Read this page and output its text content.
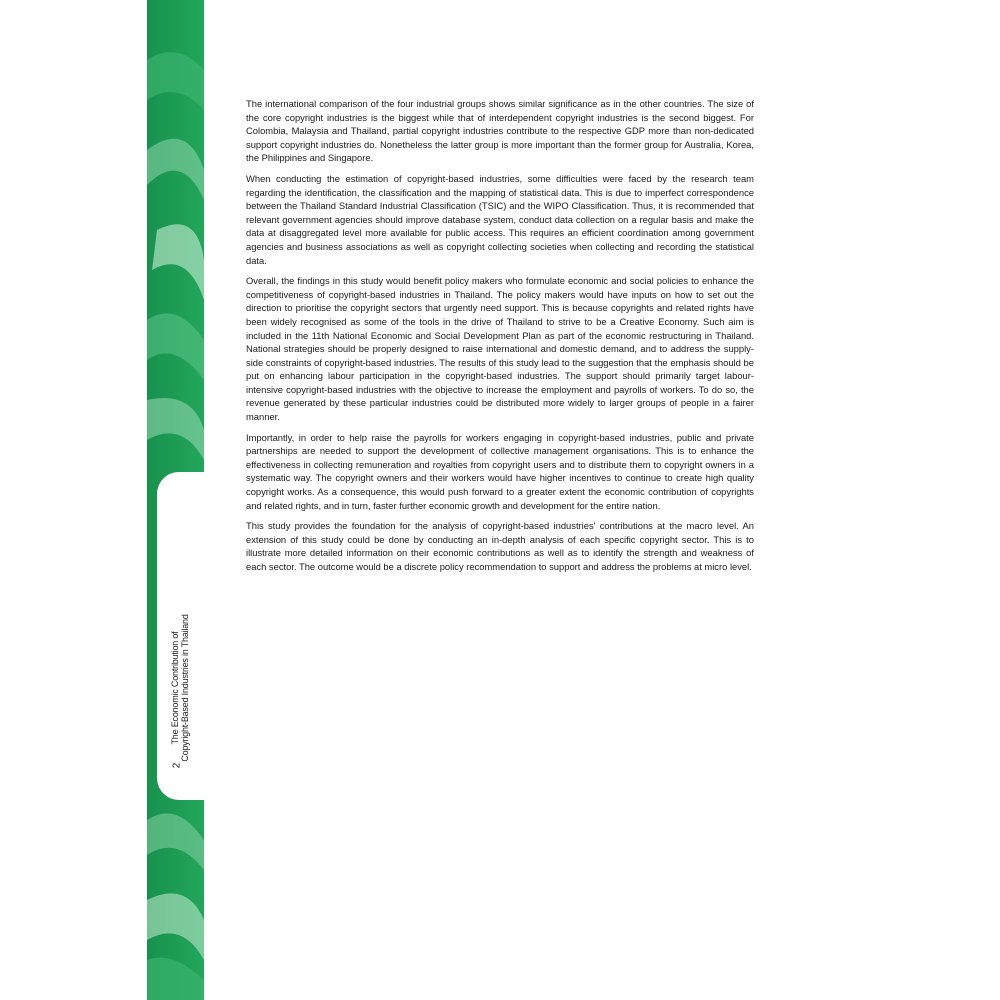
The Economic Contribution of Copyright-Based Industries in Thailand
2

The international comparison of the four industrial groups shows similar significance as in the other countries. The size of the core copyright industries is the biggest while that of interdependent copyright industries is the second biggest. For Colombia, Malaysia and Thailand, partial copyright industries contribute to the respective GDP more than non-dedicated support copyright industries do. Nonetheless the latter group is more important than the former group for Australia, Korea, the Philippines and Singapore.

When conducting the estimation of copyright-based industries, some difficulties were faced by the research team regarding the identification, the classification and the mapping of statistical data. This is due to imperfect correspondence between the Thailand Standard Industrial Classification (TSIC) and the WIPO Classification. Thus, it is recommended that relevant government agencies should improve database system, conduct data collection on a regular basis and make the data at disaggregated level more available for public access. This requires an efficient coordination among government agencies and business associations as well as copyright collecting societies when collecting and recording the statistical data.

Overall, the findings in this study would benefit policy makers who formulate economic and social policies to enhance the competitiveness of copyright-based industries in Thailand. The policy makers would have inputs on how to set out the direction to prioritise the copyright sectors that urgently need support. This is because copyrights and related rights have been widely recognised as some of the tools in the drive of Thailand to strive to be a Creative Economy. Such aim is included in the 11th National Economic and Social Development Plan as part of the economic restructuring in Thailand. National strategies should be properly designed to raise international and domestic demand, and to address the supply-side constraints of copyright-based industries. The results of this study lead to the suggestion that the emphasis should be put on enhancing labour participation in the copyright-based industries. The support should primarily target labour-intensive copyright-based industries with the objective to increase the employment and payrolls of workers. To do so, the revenue generated by these particular industries could be distributed more widely to larger groups of people in a fairer manner.

Importantly, in order to help raise the payrolls for workers engaging in copyright-based industries, public and private partnerships are needed to support the development of collective management organisations. This is to enhance the effectiveness in collecting remuneration and royalties from copyright users and to distribute them to copyright owners in a systematic way. The copyright owners and their workers would have higher incentives to continue to create high quality copyright works. As a consequence, this would push forward to a greater extent the economic contribution of copyrights and related rights, and in turn, faster further economic growth and development for the entire nation.

This study provides the foundation for the analysis of copyright-based industries' contributions at the macro level. An extension of this study could be done by conducting an in-depth analysis of each specific copyright sector. This is to illustrate more detailed information on their economic contributions as well as to identify the strength and weakness of each sector. The outcome would be a discrete policy recommendation to support and address the problems at micro level.
